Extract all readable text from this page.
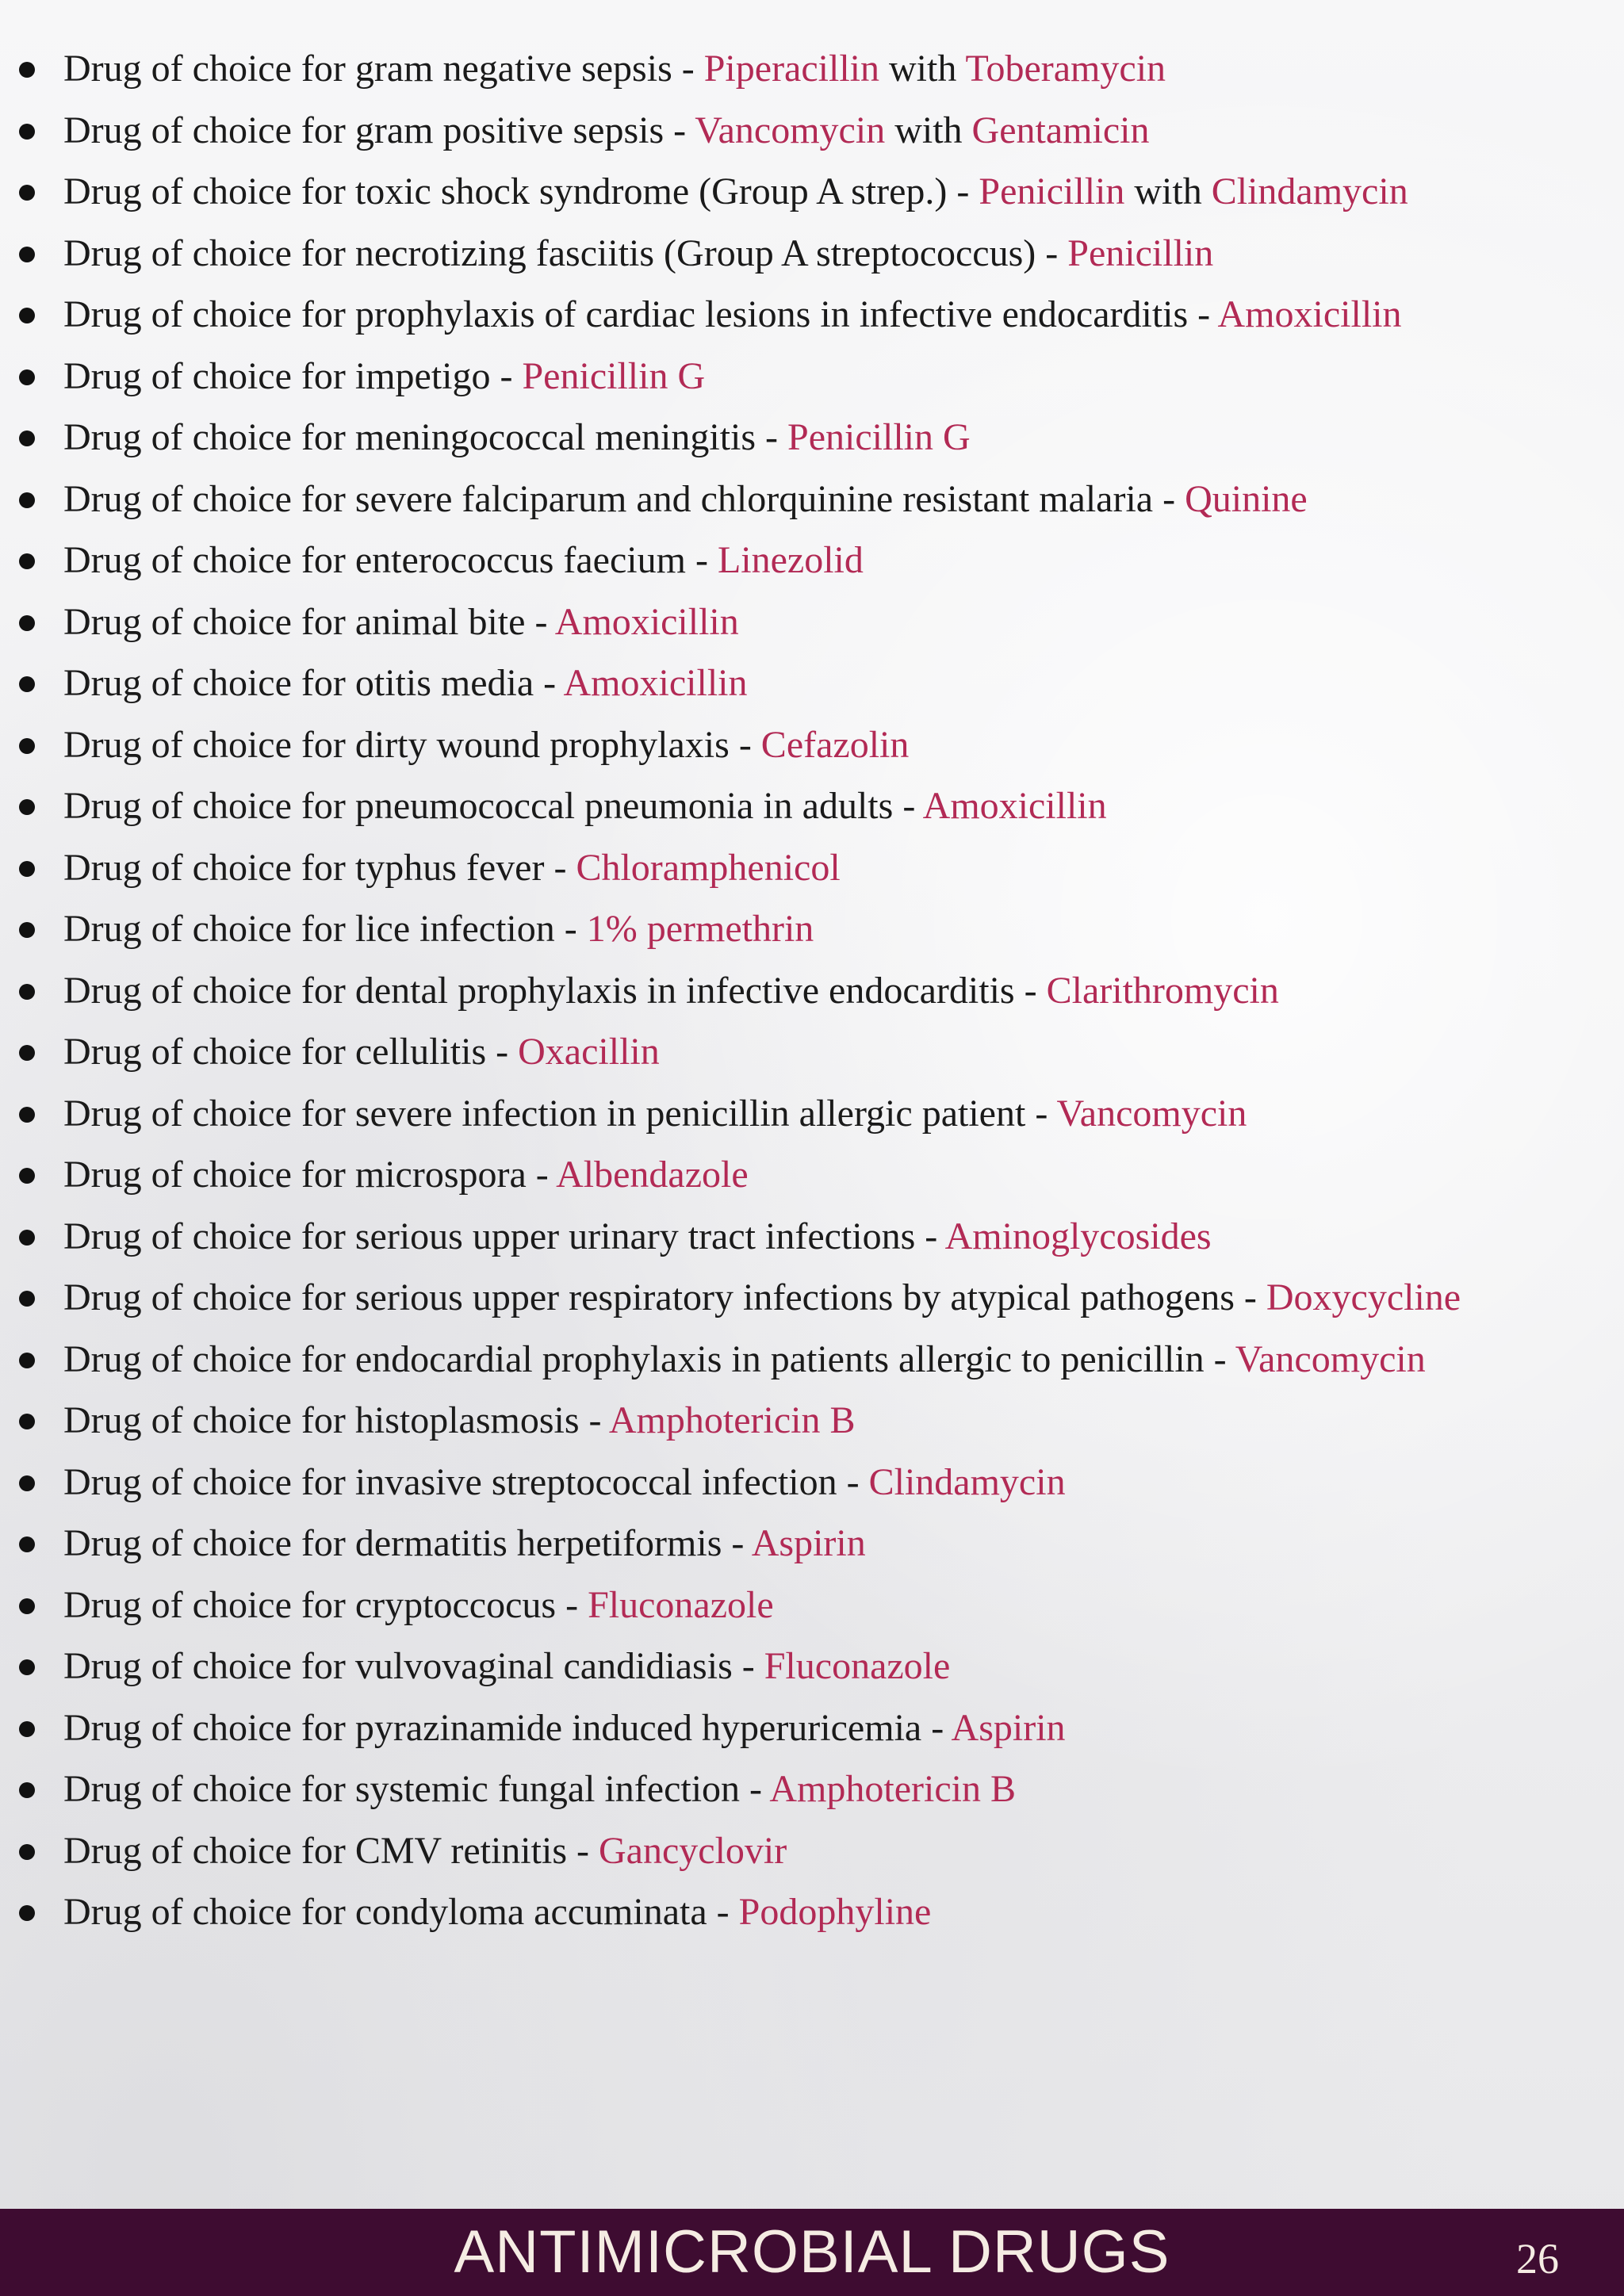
Drug of choice for gram negative sepsis - Piperacillin with Toberamycin
Drug of choice for gram positive sepsis - Vancomycin with Gentamicin
Drug of choice for toxic shock syndrome (Group A strep.) - Penicillin with Clindamycin
Drug of choice for necrotizing fasciitis (Group A streptococcus) - Penicillin
Drug of choice for prophylaxis of cardiac lesions in infective endocarditis - Amoxicillin
Drug of choice for impetigo - Penicillin G
Drug of choice for meningococcal meningitis - Penicillin G
Drug of choice for severe falciparum and chlorquinine resistant malaria - Quinine
Drug of choice for enterococcus faecium - Linezolid
Drug of choice for animal bite - Amoxicillin
Drug of choice for otitis media - Amoxicillin
Drug of choice for dirty wound prophylaxis - Cefazolin
Drug of choice for pneumococcal pneumonia in adults - Amoxicillin
Drug of choice for typhus fever - Chloramphenicol
Drug of choice for lice infection - 1% permethrin
Drug of choice for dental prophylaxis in infective endocarditis - Clarithromycin
Drug of choice for cellulitis - Oxacillin
Drug of choice for severe infection in penicillin allergic patient - Vancomycin
Drug of choice for microspora - Albendazole
Drug of choice for serious upper urinary tract infections - Aminoglycosides
Drug of choice for serious upper respiratory infections by atypical pathogens - Doxycycline
Drug of choice for endocardial prophylaxis in patients allergic to penicillin - Vancomycin
Drug of choice for histoplasmosis - Amphotericin B
Drug of choice for invasive streptococcal infection - Clindamycin
Drug of choice for dermatitis herpetiformis - Aspirin
Drug of choice for cryptoccocus - Fluconazole
Drug of choice for vulvovaginal candidiasis - Fluconazole
Drug of choice for pyrazinamide induced hyperuricemia - Aspirin
Drug of choice for systemic fungal infection - Amphotericin B
Drug of choice for CMV retinitis - Gancyclovir
Drug of choice for condyloma accuminata - Podophyline
ANTIMICROBIAL DRUGS	26
